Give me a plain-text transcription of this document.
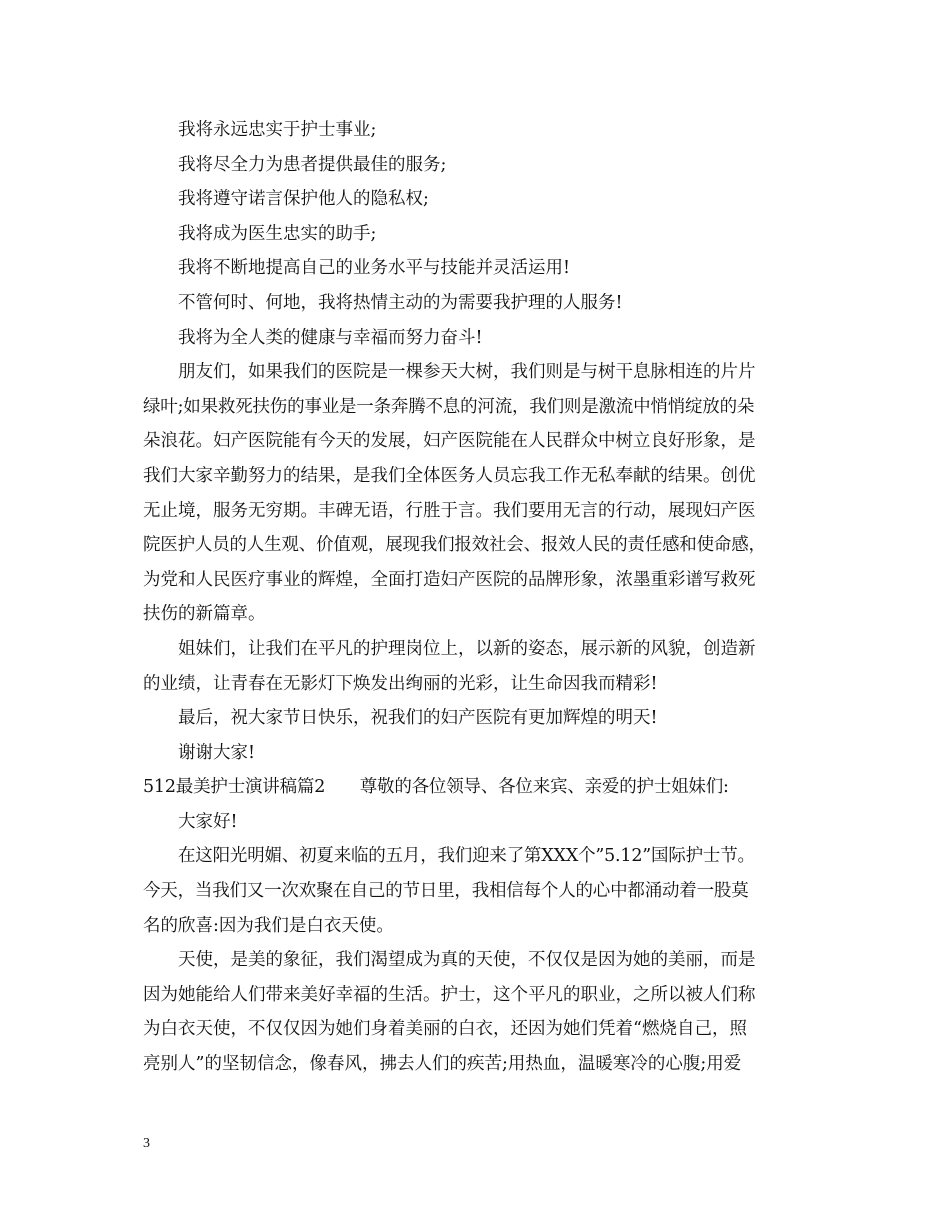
我将永远忠实于护士事业;
我将尽全力为患者提供最佳的服务;
我将遵守诺言保护他人的隐私权;
我将成为医生忠实的助手;
我将不断地提高自己的业务水平与技能并灵活运用!
不管何时、何地，我将热情主动的为需要我护理的人服务!
我将为全人类的健康与幸福而努力奋斗!
朋友们，如果我们的医院是一棵参天大树，我们则是与树干息脉相连的片片
绿叶;如果救死扶伤的事业是一条奔腾不息的河流，我们则是激流中悄悄绽放的朵
朵浪花。妇产医院能有今天的发展，妇产医院能在人民群众中树立良好形象，是
我们大家辛勤努力的结果，是我们全体医务人员忘我工作无私奉献的结果。创优
无止境，服务无穷期。丰碑无语，行胜于言。我们要用无言的行动，展现妇产医
院医护人员的人生观、价值观，展现我们报效社会、报效人民的责任感和使命感，
为党和人民医疗事业的辉煌，全面打造妇产医院的品牌形象，浓墨重彩谱写救死
扶伤的新篇章。
姐妹们，让我们在平凡的护理岗位上，以新的姿态，展示新的风貌，创造新
的业绩，让青春在无影灯下焕发出绚丽的光彩，让生命因我而精彩!
最后，祝大家节日快乐，祝我们的妇产医院有更加辉煌的明天!
谢谢大家!
512最美护士演讲稿篇2　　尊敬的各位领导、各位来宾、亲爱的护士姐妹们:
大家好!
在这阳光明媚、初夏来临的五月，我们迎来了第XXX个”5.12”国际护士节。
今天，当我们又一次欢聚在自己的节日里，我相信每个人的心中都涌动着一股莫
名的欣喜:因为我们是白衣天使。
天使，是美的象征，我们渴望成为真的天使，不仅仅是因为她的美丽，而是
因为她能给人们带来美好幸福的生活。护士，这个平凡的职业，之所以被人们称
为白衣天使，不仅仅因为她们身着美丽的白衣，还因为她们凭着“燃烧自己，照
亮别人”的坚韧信念，像春风，拂去人们的疾苦;用热血，温暖寒冷的心腹;用爱
3
